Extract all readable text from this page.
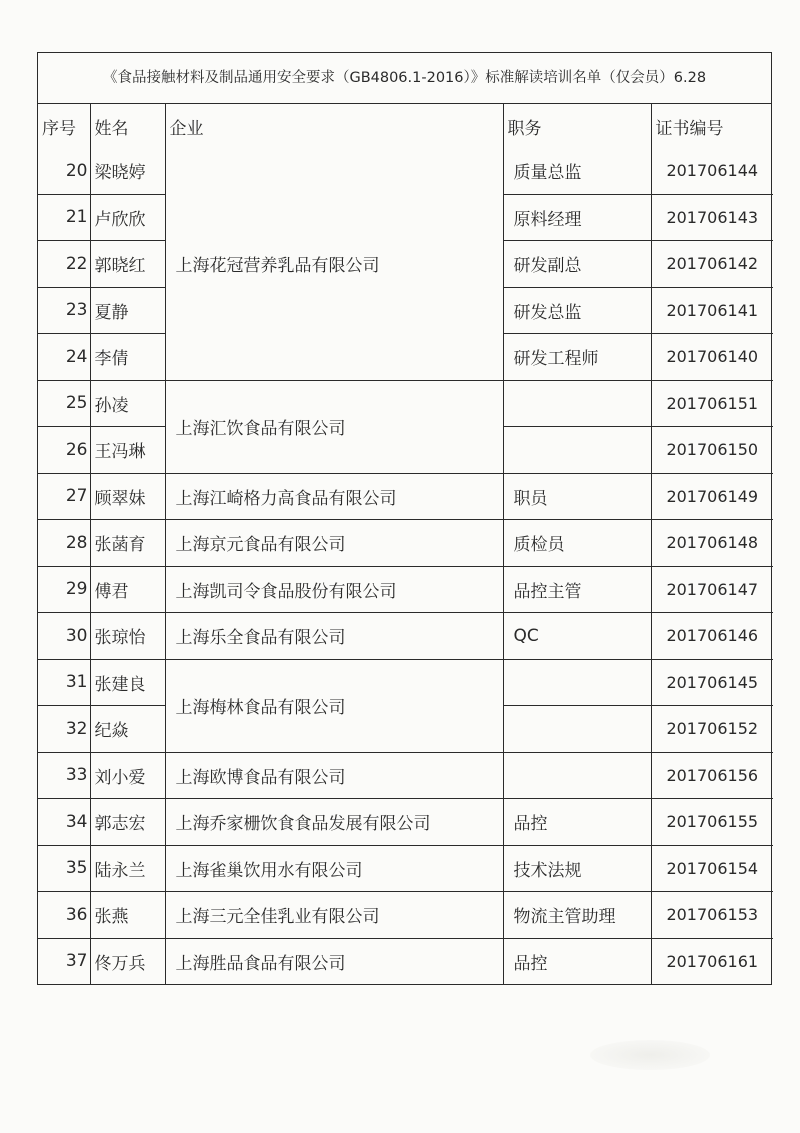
《食品接触材料及制品通用安全要求（GB4806.1-2016）》标准解读培训名单（仅会员）6.28
序号	姓名	企业	职务	证书编号
20	梁晓婷	上海花冠营养乳品有限公司	质量总监	201706144
21	卢欣欣		原料经理	201706143
22	郭晓红		研发副总	201706142
23	夏静		研发总监	201706141
24	李倩		研发工程师	201706140
25	孙凌	上海汇饮食品有限公司		201706151
26	王冯琳			201706150
27	顾翠妹	上海江崎格力高食品有限公司	职员	201706149
28	张菡育	上海京元食品有限公司	质检员	201706148
29	傅君	上海凯司令食品股份有限公司	品控主管	201706147
30	张琼怡	上海乐全食品有限公司	QC	201706146
31	张建良	上海梅林食品有限公司		201706145
32	纪焱			201706152
33	刘小爱	上海欧博食品有限公司		201706156
34	郭志宏	上海乔家栅饮食食品发展有限公司	品控	201706155
35	陆永兰	上海雀巢饮用水有限公司	技术法规	201706154
36	张燕	上海三元全佳乳业有限公司	物流主管助理	201706153
37	佟万兵	上海胜品食品有限公司	品控	201706161
